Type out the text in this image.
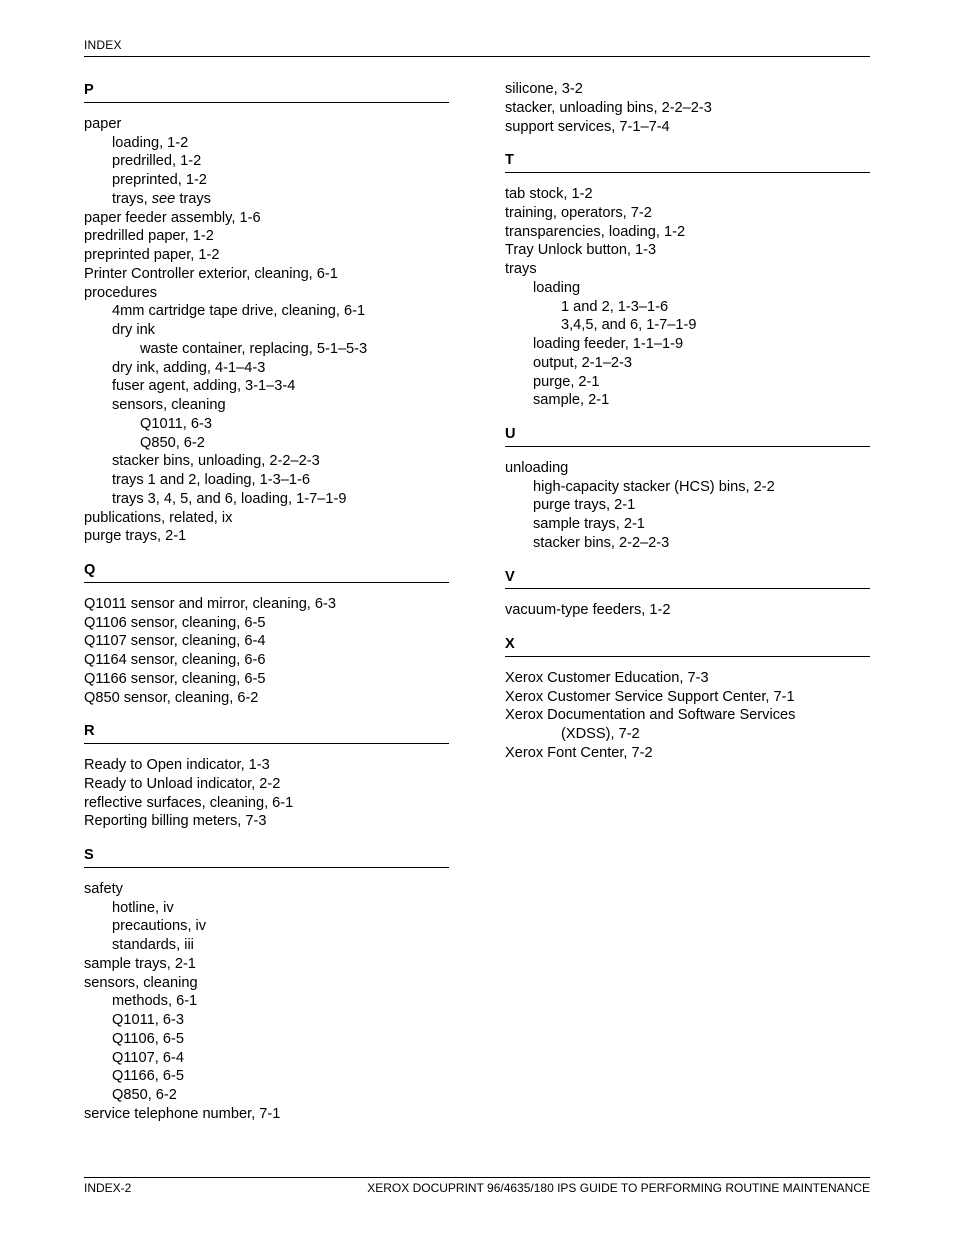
INDEX
P
paper
loading, 1-2
predrilled, 1-2
preprinted, 1-2
trays, see trays
paper feeder assembly, 1-6
predrilled paper, 1-2
preprinted paper, 1-2
Printer Controller exterior, cleaning, 6-1
procedures
4mm cartridge tape drive, cleaning, 6-1
dry ink
waste container, replacing, 5-1–5-3
dry ink, adding, 4-1–4-3
fuser agent, adding, 3-1–3-4
sensors, cleaning
Q1011, 6-3
Q850, 6-2
stacker bins, unloading, 2-2–2-3
trays 1 and 2, loading, 1-3–1-6
trays 3, 4, 5, and 6, loading, 1-7–1-9
publications, related, ix
purge trays, 2-1
Q
Q1011 sensor and mirror, cleaning, 6-3
Q1106 sensor, cleaning, 6-5
Q1107 sensor, cleaning, 6-4
Q1164 sensor, cleaning, 6-6
Q1166 sensor, cleaning, 6-5
Q850 sensor, cleaning, 6-2
R
Ready to Open indicator, 1-3
Ready to Unload indicator, 2-2
reflective surfaces, cleaning, 6-1
Reporting billing meters, 7-3
S
safety
hotline, iv
precautions, iv
standards, iii
sample trays, 2-1
sensors, cleaning
methods, 6-1
Q1011, 6-3
Q1106, 6-5
Q1107, 6-4
Q1166, 6-5
Q850, 6-2
service telephone number, 7-1
silicone, 3-2
stacker, unloading bins, 2-2–2-3
support services, 7-1–7-4
T
tab stock, 1-2
training, operators, 7-2
transparencies, loading, 1-2
Tray Unlock button, 1-3
trays
loading
1 and 2, 1-3–1-6
3,4,5, and 6, 1-7–1-9
loading feeder, 1-1–1-9
output, 2-1–2-3
purge, 2-1
sample, 2-1
U
unloading
high-capacity stacker (HCS) bins, 2-2
purge trays, 2-1
sample trays, 2-1
stacker bins, 2-2–2-3
V
vacuum-type feeders, 1-2
X
Xerox Customer Education, 7-3
Xerox Customer Service Support Center, 7-1
Xerox Documentation and Software Services
(XDSS), 7-2
Xerox Font Center, 7-2
INDEX-2	XEROX DOCUPRINT 96/4635/180 IPS GUIDE TO PERFORMING ROUTINE MAINTENANCE
